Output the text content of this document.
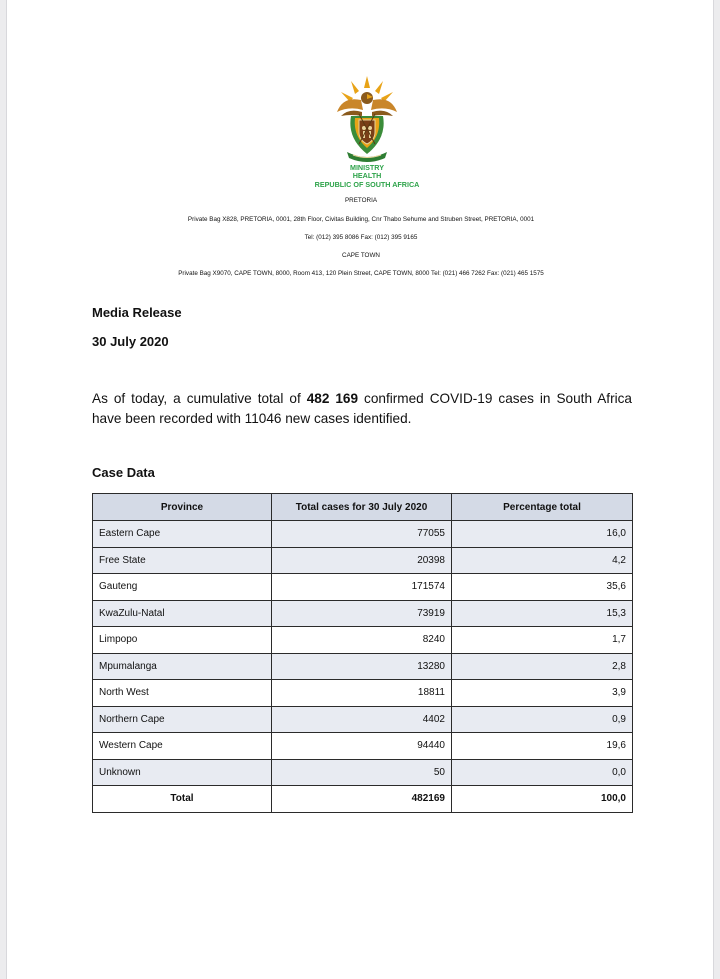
MINISTRY
HEALTH
REPUBLIC OF SOUTH AFRICA
PRETORIA
Private Bag X828, PRETORIA, 0001, 28th Floor, Civitas Building, Cnr Thabo Sehume and Struben Street, PRETORIA, 0001
Tel: (012) 395 8086 Fax: (012) 395 9165
CAPE TOWN
Private Bag X9070, CAPE TOWN, 8000, Room 413, 120 Plein Street, CAPE TOWN, 8000 Tel: (021) 466 7262 Fax: (021) 465 1575
Media Release
30 July 2020
As of today, a cumulative total of 482 169 confirmed COVID-19 cases in South Africa have been recorded with 11046 new cases identified.
Case Data
Province	Total cases for 30 July 2020	Percentage total
Eastern Cape	77055	16,0
Free State	20398	4,2
Gauteng	171574	35,6
KwaZulu-Natal	73919	15,3
Limpopo	8240	1,7
Mpumalanga	13280	2,8
North West	18811	3,9
Northern Cape	4402	0,9
Western Cape	94440	19,6
Unknown	50	0,0
Total	482169	100,0
